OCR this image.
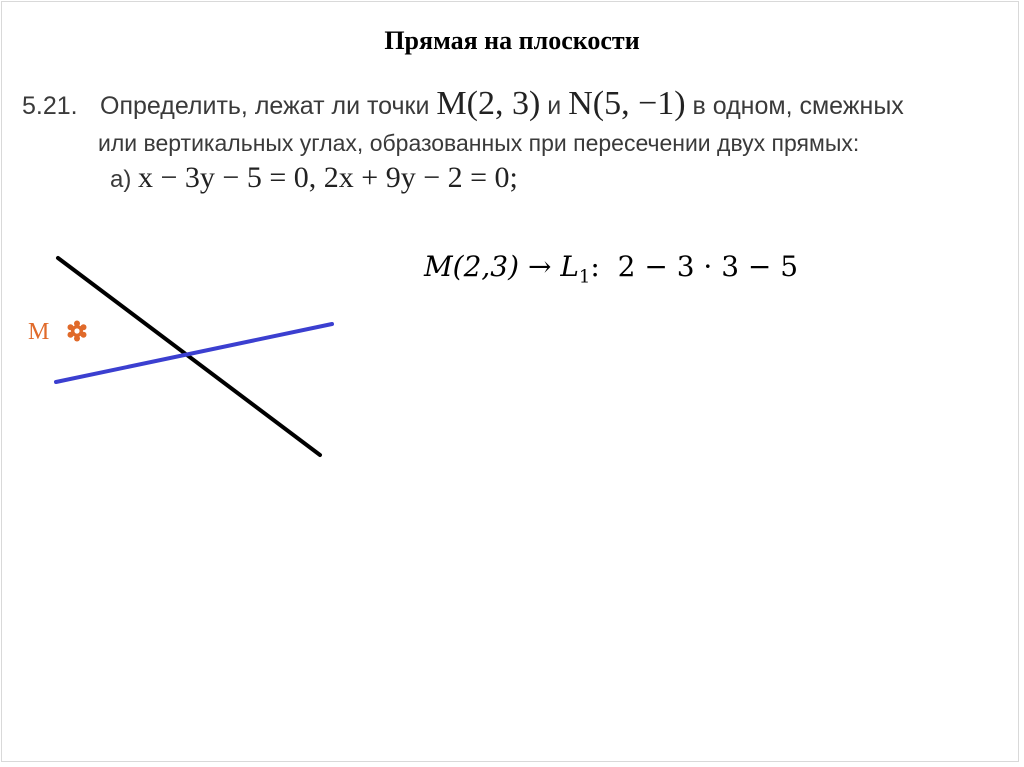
Прямая на плоскости
5.21. Определить, лежат ли точки M(2, 3) и N(5, −1) в одном, смежных
или вертикальных углах, образованных при пересечении двух прямых:
а) x − 3y − 5 = 0, 2x + 9y − 2 = 0;
$M(2,3) \to L_1$: 2 − 3 · 3 − 5
M
